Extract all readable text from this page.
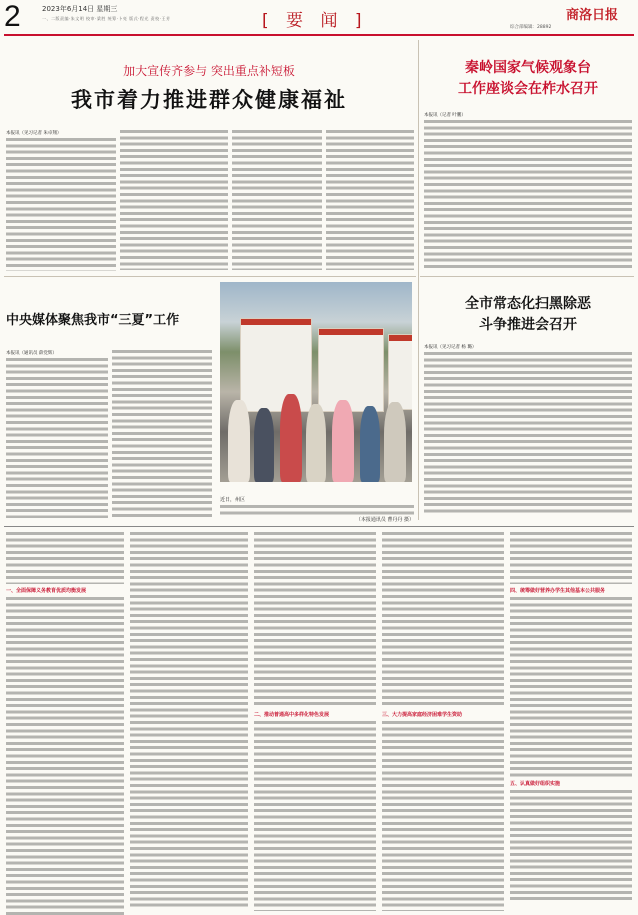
2	2023年6月14日 星期三
一、二版责编·朱文明 校审·梁胜 统筹·卜亮 版式·程光 责校·王芳	[ 要 闻 ]	商洛日报
综合部编辑：28892
加大宣传齐参与 突出重点补短板
我市着力推进群众健康福祉
本报讯（见习记者 朱卓翔）
秦岭国家气候观象台
工作座谈会在柞水召开
本报讯（记者 叶鹏）
全市常态化扫黑除恶
斗争推进会召开
本报讯（见习记者 杨 璐）
中央媒体聚焦我市“三夏”工作
本报讯（通讯员 薛党辉）
近日，州区
（本报通讯员 曹丹丹 摄）
一、全面保障义务教育优质均衡发展
二、推动普通高中多样化特色发展	三、大力提高家庭经济困难学生资助
四、统筹做好营养办学生其他基本公共服务
五、认真做好组织实施
